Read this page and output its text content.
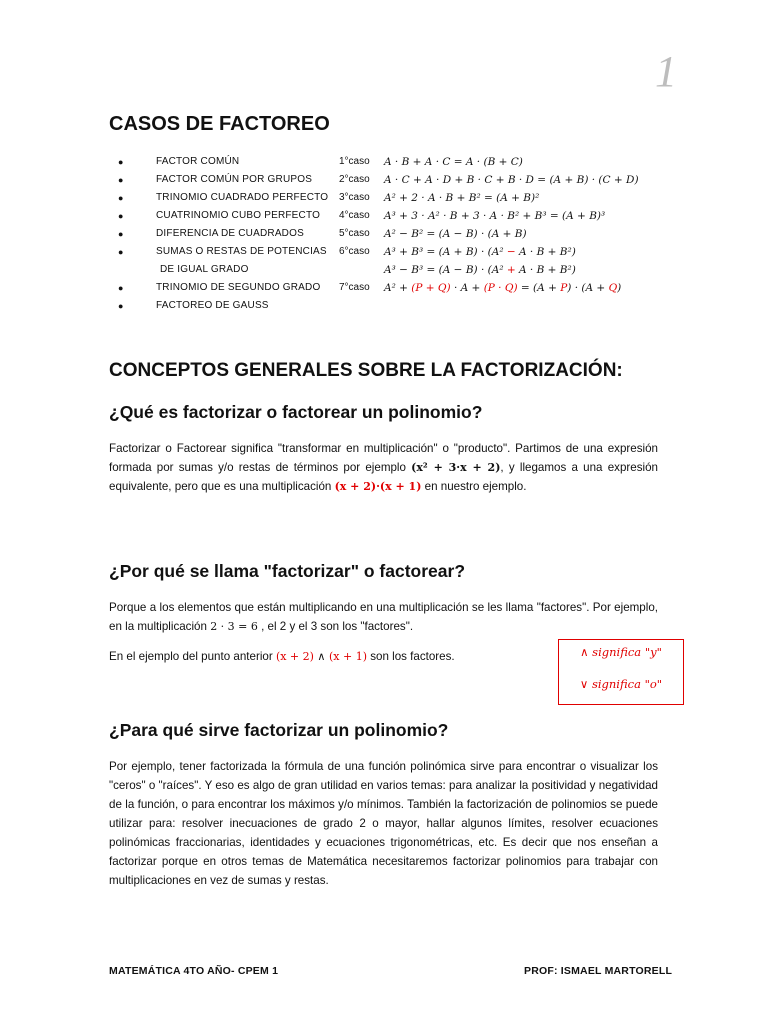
1
CASOS DE FACTOREO
●	FACTOR COMÚN	1°caso A · B + A · C = A · (B + C)
●	FACTOR COMÚN POR GRUPOS	2°caso A · C + A · D + B · C + B · D = (A + B) · (C + D)
●	TRINOMIO CUADRADO PERFECTO 3°caso A² + 2 · A · B + B² = (A + B)²
●	CUATRINOMIO CUBO PERFECTO 4°caso A³ + 3 · A² · B + 3 · A · B² + B³ = (A + B)³
●	DIFERENCIA DE CUADRADOS	5°caso A² − B² = (A − B) · (A + B)
●	SUMAS O RESTAS DE POTENCIAS 6°caso A³ + B³ = (A + B) · (A² − A · B + B²)
DE IGUAL GRADO	A³ − B³ = (A − B) · (A² + A · B + B²)
●	TRINOMIO DE SEGUNDO GRADO 7°caso A² + (P + Q) · A + (P · Q) = (A + P) · (A + Q)
●	FACTOREO DE GAUSS
CONCEPTOS GENERALES SOBRE LA FACTORIZACIÓN:
¿Qué es factorizar o factorear un polinomio?
Factorizar o Factorear significa "transformar en multiplicación" o "producto". Partimos de una expresión formada por sumas y/o restas de términos por ejemplo (x² + 3·x + 2), y llegamos a una expresión equivalente, pero que es una multiplicación (x + 2)·(x + 1) en nuestro ejemplo.
¿Por qué se llama "factorizar" o factorear?
Porque a los elementos que están multiplicando en una multiplicación se les llama "factores". Por ejemplo, en la multiplicación 2 · 3 = 6 , el 2 y el 3 son los "factores".
En el ejemplo del punto anterior (x + 2) ∧ (x + 1) son los factores.	∧ significa "y"
∨ significa "o"
¿Para qué sirve factorizar un polinomio?
Por ejemplo, tener factorizada la fórmula de una función polinómica sirve para encontrar o visualizar los "ceros" o "raíces". Y eso es algo de gran utilidad en varios temas: para analizar la positividad y negatividad de la función, o para encontrar los máximos y/o mínimos. También la factorización de polinomios se puede utilizar para: resolver inecuaciones de grado 2 o mayor, hallar algunos límites, resolver ecuaciones polinómicas fraccionarias, identidades y ecuaciones trigonométricas, etc. Es decir que nos enseñan a factorizar porque en otros temas de Matemática necesitaremos factorizar polinomios para trabajar con multiplicaciones en vez de sumas y restas.
MATEMÁTICA 4TO AÑO- CPEM 1	PROF: ISMAEL MARTORELL
